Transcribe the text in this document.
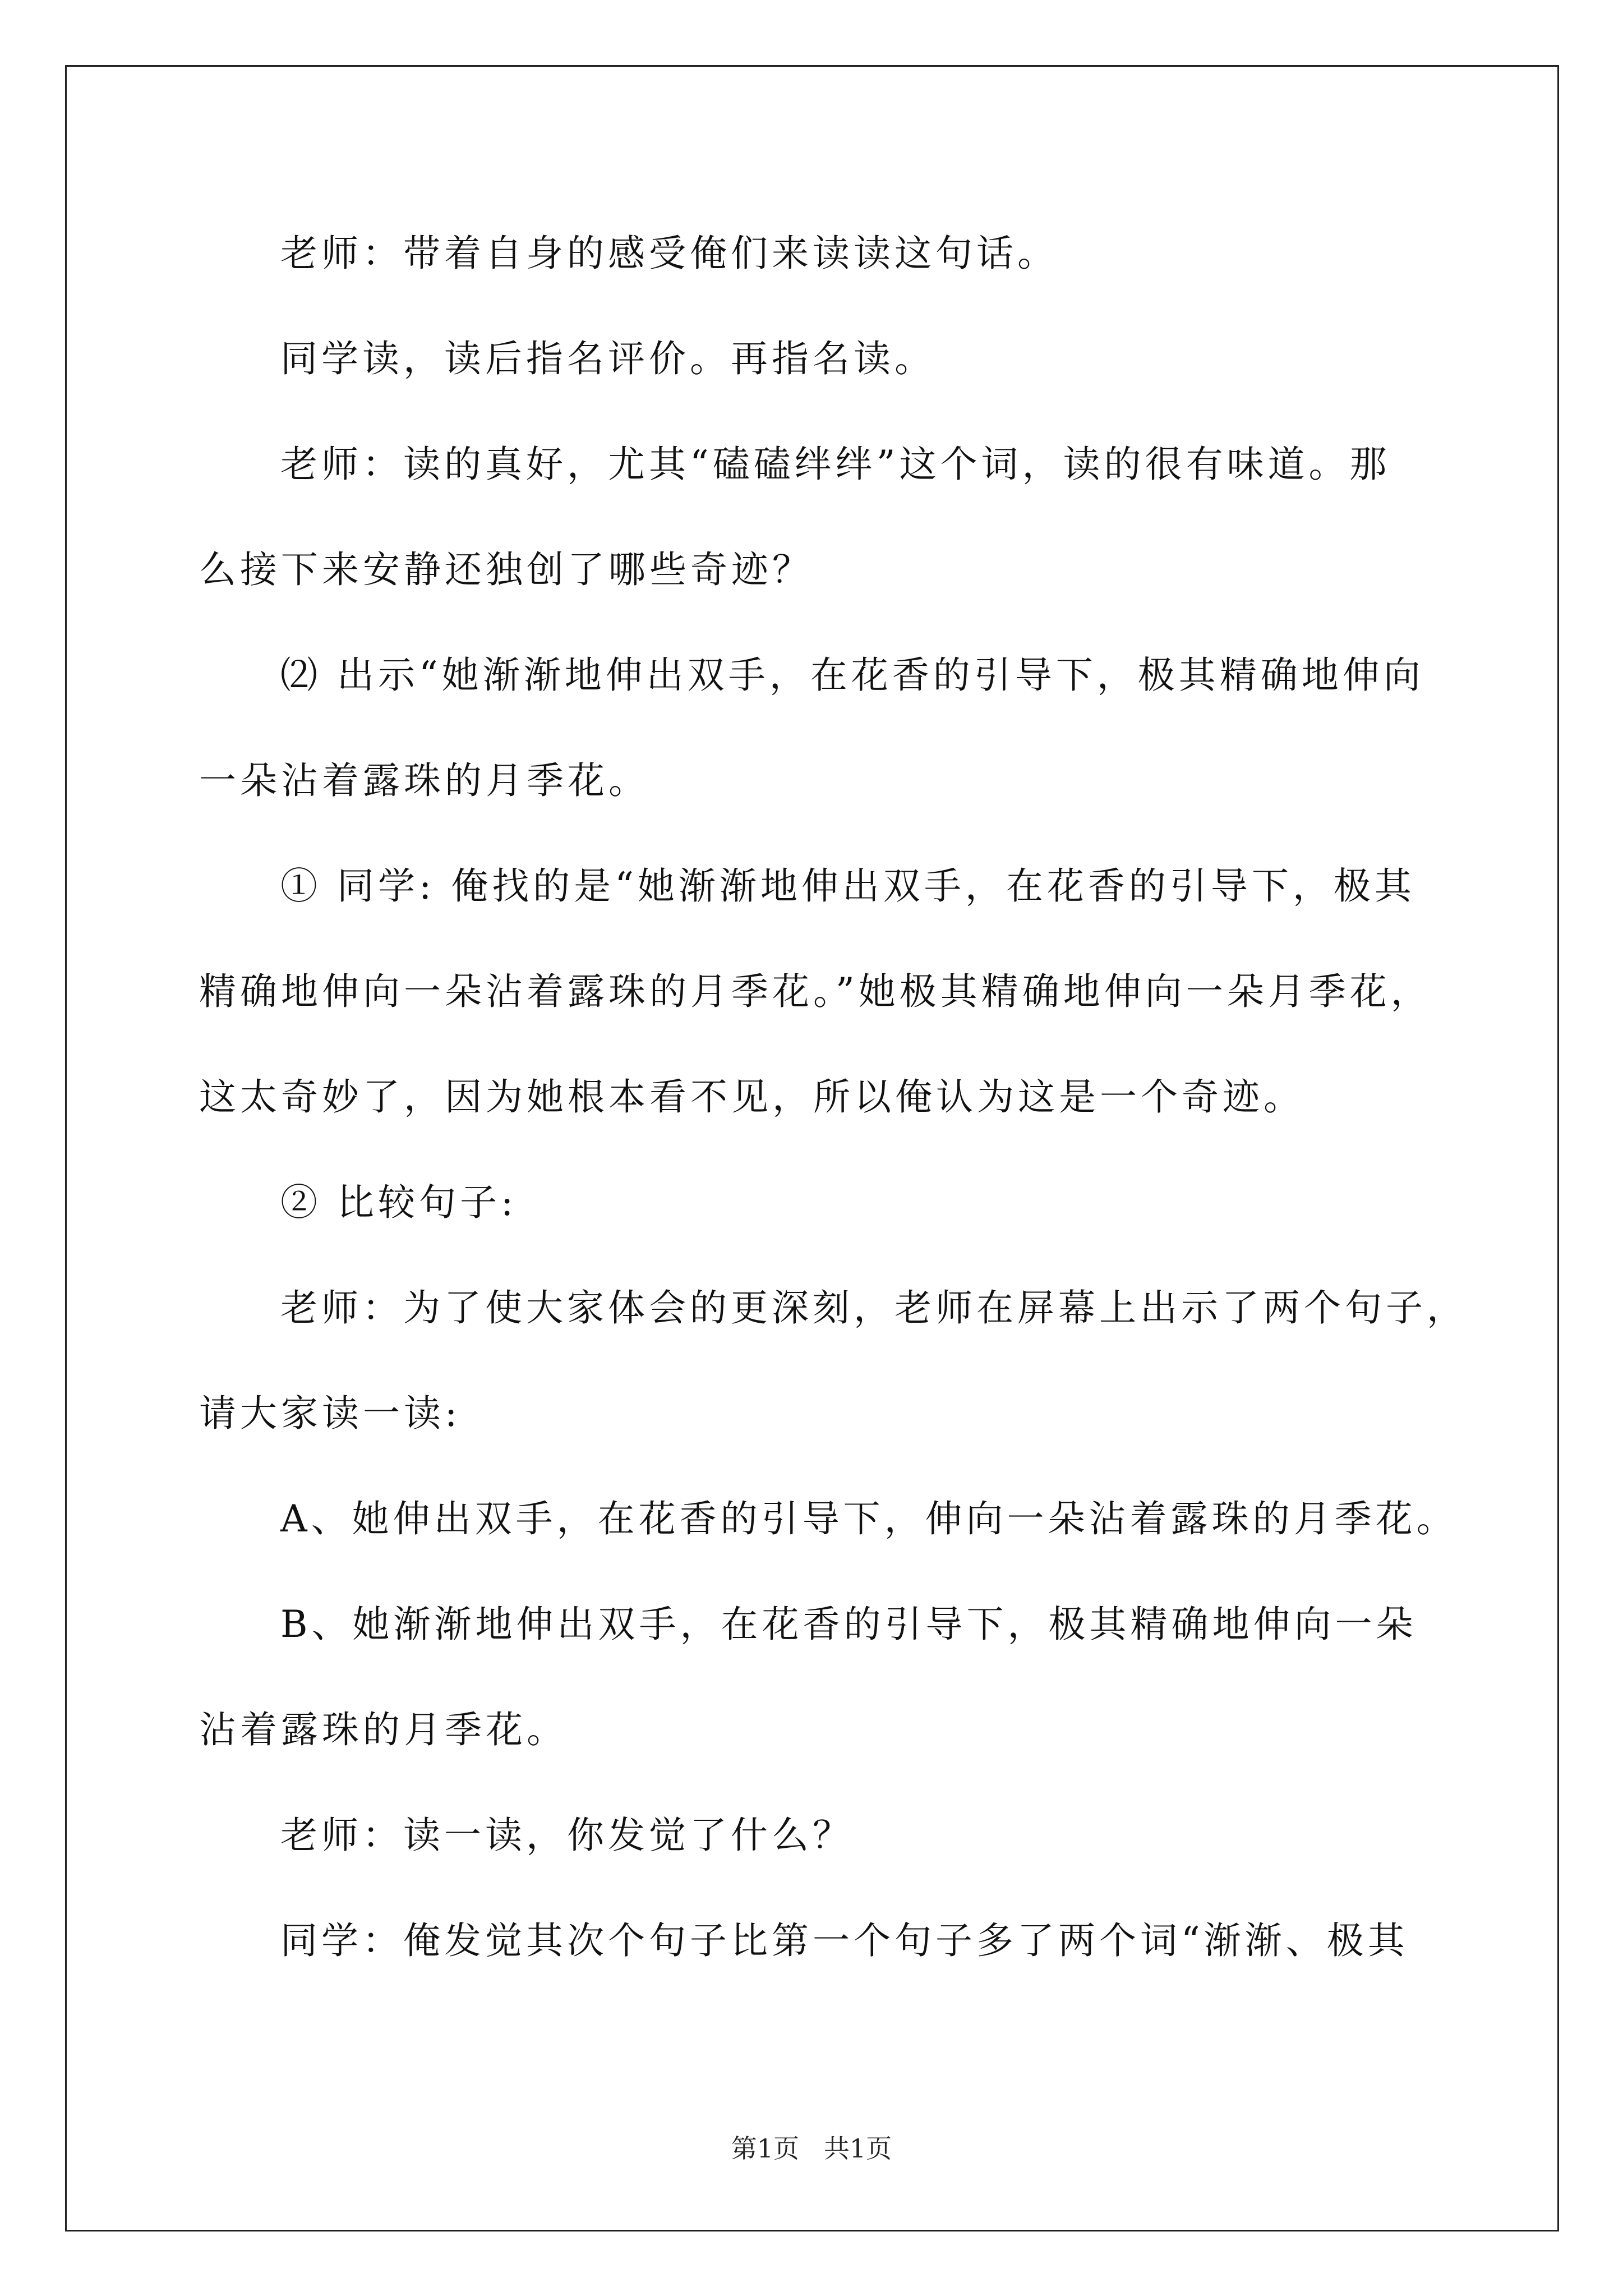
老师：带着自身的感受俺们来读读这句话。

同学读，读后指名评价。再指名读。

老师：读的真好，尤其“磕磕绊绊”这个词，读的很有味道。那

么接下来安静还独创了哪些奇迹？

⑵ 出示“她渐渐地伸出双手，在花香的引导下，极其精确地伸向

一朵沾着露珠的月季花。

① 同学: 俺找的是“她渐渐地伸出双手，在花香的引导下，极其

精确地伸向一朵沾着露珠的月季花。”她极其精确地伸向一朵月季花，

这太奇妙了，因为她根本看不见，所以俺认为这是一个奇迹。

② 比较句子:

老师：为了使大家体会的更深刻，老师在屏幕上出示了两个句子，

请大家读一读:

A、她伸出双手，在花香的引导下，伸向一朵沾着露珠的月季花。

B、她渐渐地伸出双手，在花香的引导下，极其精确地伸向一朵

沾着露珠的月季花。

老师：读一读，你发觉了什么？

同学：俺发觉其次个句子比第一个句子多了两个词“渐渐、极其

第1页   共1页
